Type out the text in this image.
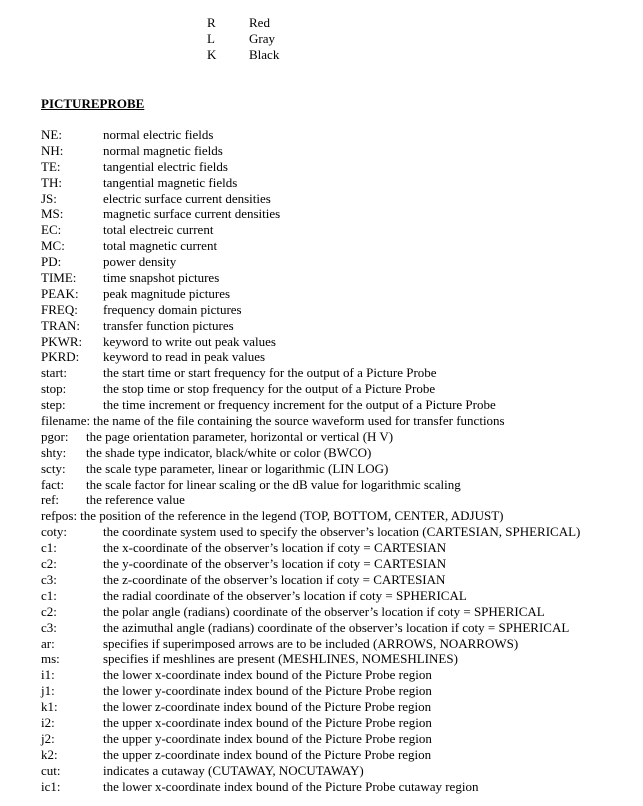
R	Red
L	Gray
K	Black
PICTUREPROBE
NE:	normal electric fields
NH:	normal magnetic fields
TE:	tangential electric fields
TH:	tangential magnetic fields
JS:	electric surface current densities
MS:	magnetic surface current densities
EC:	total electreic current
MC:	total magnetic current
PD:	power density
TIME: time snapshot pictures
PEAK: peak magnitude pictures
FREQ: frequency domain pictures
TRAN: transfer function pictures
PKWR: keyword to write out peak values
PKRD: keyword to read in peak values
start:	the start time or start frequency for the output of a Picture Probe
stop:	the stop time or stop frequency for the output of a Picture Probe
step:	the time increment or frequency increment for the output of a Picture Probe
filename: the name of the file containing the source waveform used for transfer functions
pgor: the page orientation parameter, horizontal or vertical (H V)
shty: the shade type indicator, black/white or color (BWCO)
scty: the scale type parameter, linear or logarithmic (LIN LOG)
fact: the scale factor for linear scaling or the dB value for logarithmic scaling
ref: the reference value
refpos: the position of the reference in the legend (TOP, BOTTOM, CENTER, ADJUST)
coty:	the coordinate system used to specify the observer’s location (CARTESIAN, SPHERICAL)
c1:	the x-coordinate of the observer’s location if coty = CARTESIAN
c2:	the y-coordinate of the observer’s location if coty = CARTESIAN
c3:	the z-coordinate of the observer’s location if coty = CARTESIAN
c1:	the radial coordinate of the observer’s location if coty = SPHERICAL
c2:	the polar angle (radians) coordinate of the observer’s location if coty = SPHERICAL
c3:	the azimuthal angle (radians) coordinate of the observer’s location if coty = SPHERICAL
ar:	specifies if superimposed arrows are to be included (ARROWS, NOARROWS)
ms:	specifies if meshlines are present (MESHLINES, NOMESHLINES)
i1:	the lower x-coordinate index bound of the Picture Probe region
j1:	the lower y-coordinate index bound of the Picture Probe region
k1:	the lower z-coordinate index bound of the Picture Probe region
i2:	the upper x-coordinate index bound of the Picture Probe region
j2:	the upper y-coordinate index bound of the Picture Probe region
k2:	the upper z-coordinate index bound of the Picture Probe region
cut:	indicates a cutaway (CUTAWAY, NOCUTAWAY)
ic1:	the lower x-coordinate index bound of the Picture Probe cutaway region
